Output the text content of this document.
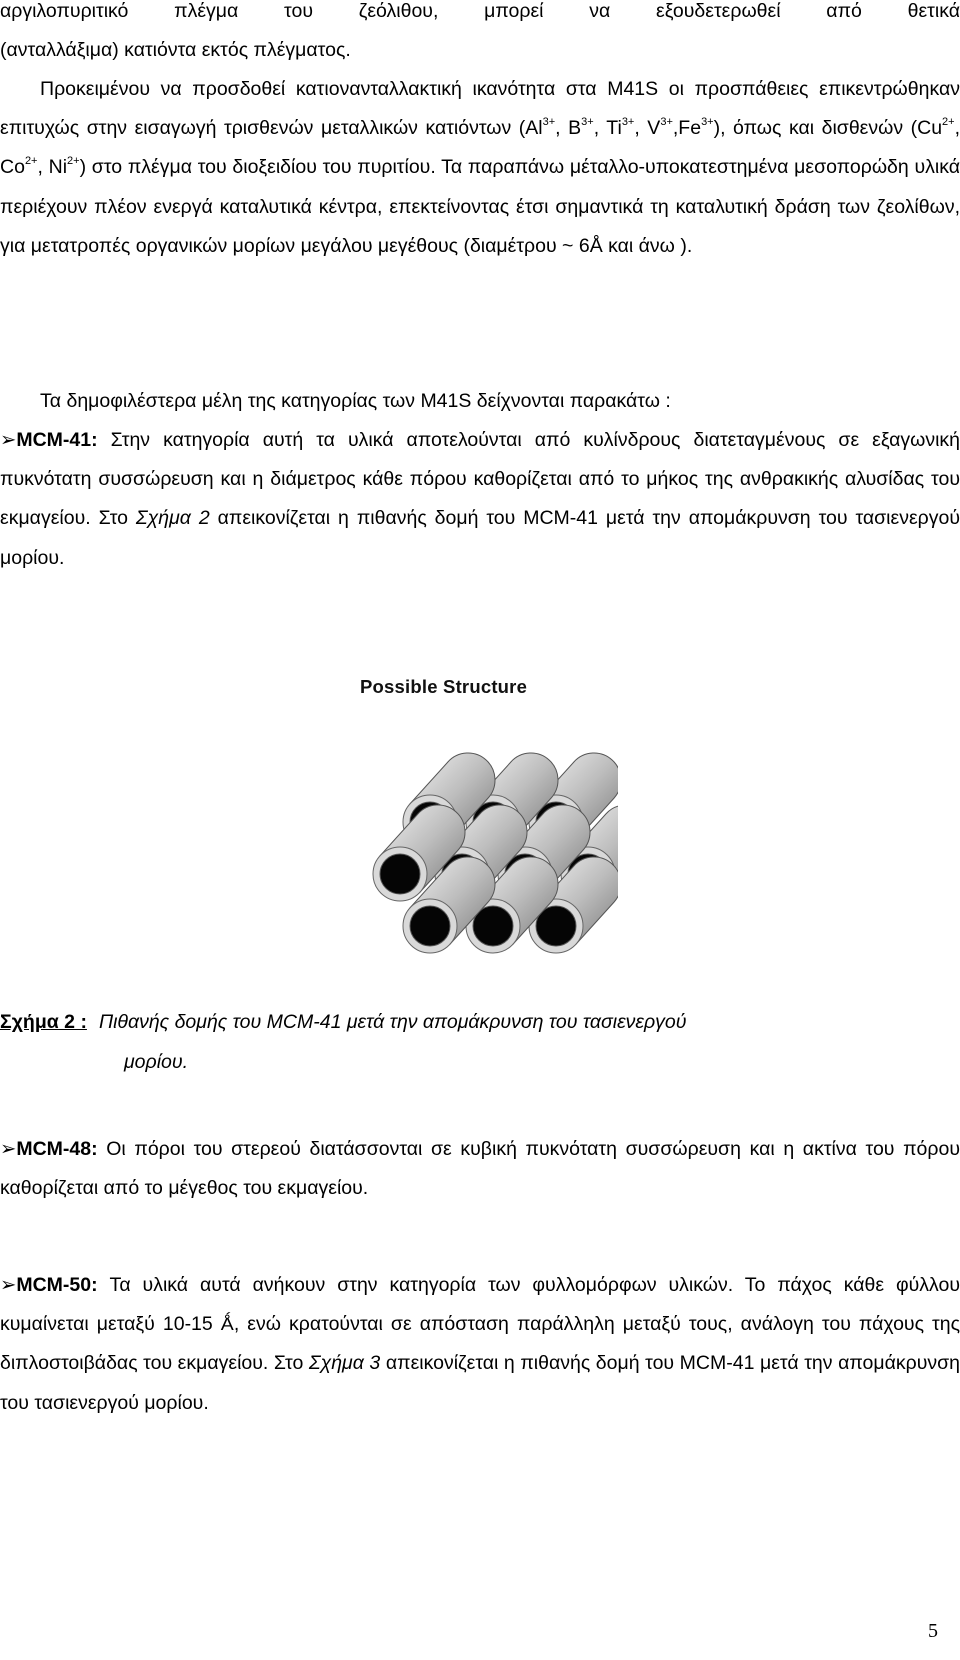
αργιλοπυριτικό πλέγμα του ζεόλιθου, μπορεί να εξουδετερωθεί από θετικά
(ανταλλάξιμα) κατιόντα εκτός πλέγματος.

Προκειμένου να προσδοθεί κατιονανταλλακτική ικανότητα στα M41S οι προσπάθειες επικεντρώθηκαν επιτυχώς στην εισαγωγή τρισθενών μεταλλικών κατιόντων ($Al^{3+}$, $B^{3+}$, $Ti^{3+}$, $V^{3+},Fe^{3+}$), όπως και δισθενών ($Cu^{2+}$, $Co^{2+}$, $Ni^{2+}$) στο πλέγμα του διοξειδίου του πυριτίου. Τα παραπάνω μέταλλο-υποκατεστημένα μεσοπορώδη υλικά περιέχουν πλέον ενεργά καταλυτικά κέντρα, επεκτείνοντας έτσι σημαντικά τη καταλυτική δράση των ζεολίθων, για μετατροπές οργανικών μορίων μεγάλου μεγέθους (διαμέτρου ~ 6Å και άνω ).

Τα δημοφιλέστερα μέλη της κατηγορίας των M41S δείχνονται παρακάτω :

➢MCM-41: Στην κατηγορία αυτή τα υλικά αποτελούνται από κυλίνδρους διατεταγμένους σε εξαγωνική πυκνότατη συσσώρευση και η διάμετρος κάθε πόρου καθορίζεται από το μήκος της ανθρακικής αλυσίδας του εκμαγείου. Στο Σχήμα 2 απεικονίζεται η πιθανής δομή του MCM-41 μετά την απομάκρυνση του τασιενεργού μορίου.

Possible Structure
Σχήμα 2 : Πιθανής δομής του MCM-41 μετά την απομάκρυνση του τασιενεργού
μορίου.

➢MCM-48: Οι πόροι του στερεού διατάσσονται σε κυβική πυκνότατη συσσώρευση και η ακτίνα του πόρου καθορίζεται από το μέγεθος του εκμαγείου.

➢MCM-50: Τα υλικά αυτά ανήκουν στην κατηγορία των φυλλομόρφων υλικών. Το πάχος κάθε φύλλου κυμαίνεται μεταξύ 10-15 Ǻ, ενώ κρατούνται σε απόσταση παράλληλη μεταξύ τους, ανάλογη του πάχους της διπλοστοιβάδας του εκμαγείου. Στο Σχήμα 3 απεικονίζεται η πιθανής δομή του MCM-41 μετά την απομάκρυνση του τασιενεργού μορίου.

5
